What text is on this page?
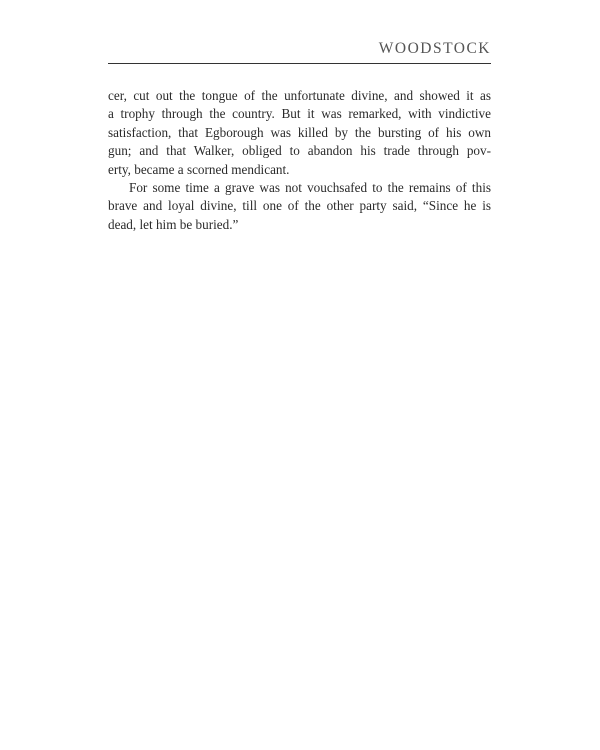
WOODSTOCK
cer, cut out the tongue of the unfortunate divine, and showed it as
a trophy through the country. But it was remarked, with vindictive
satisfaction, that Egborough was killed by the bursting of his own
gun; and that Walker, obliged to abandon his trade through pov-
erty, became a scorned mendicant.
For some time a grave was not vouchsafed to the remains of this
brave and loyal divine, till one of the other party said, “Since he is
dead, let him be buried.”
